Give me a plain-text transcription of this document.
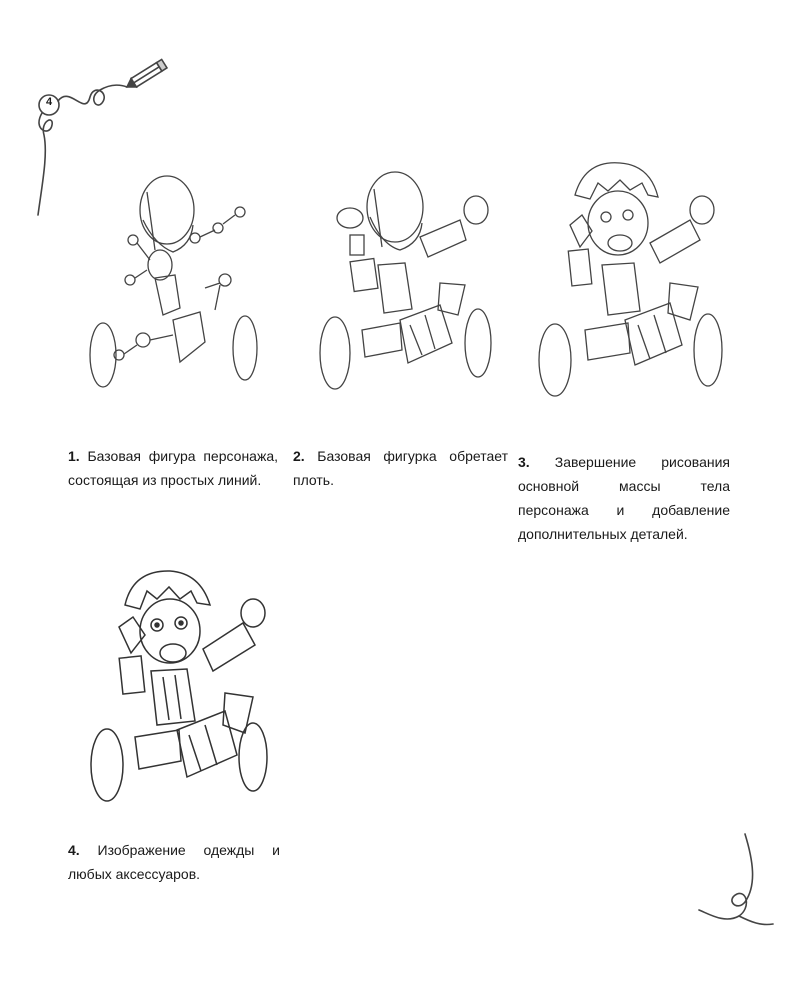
4
1. Базовая фигура персонажа, состоящая из простых линий.
2. Базовая фигурка обретает плоть.
3. Завершение рисования основной массы тела персонажа и добавление дополнительных деталей.
4. Изображение одежды и любых аксессуаров.
